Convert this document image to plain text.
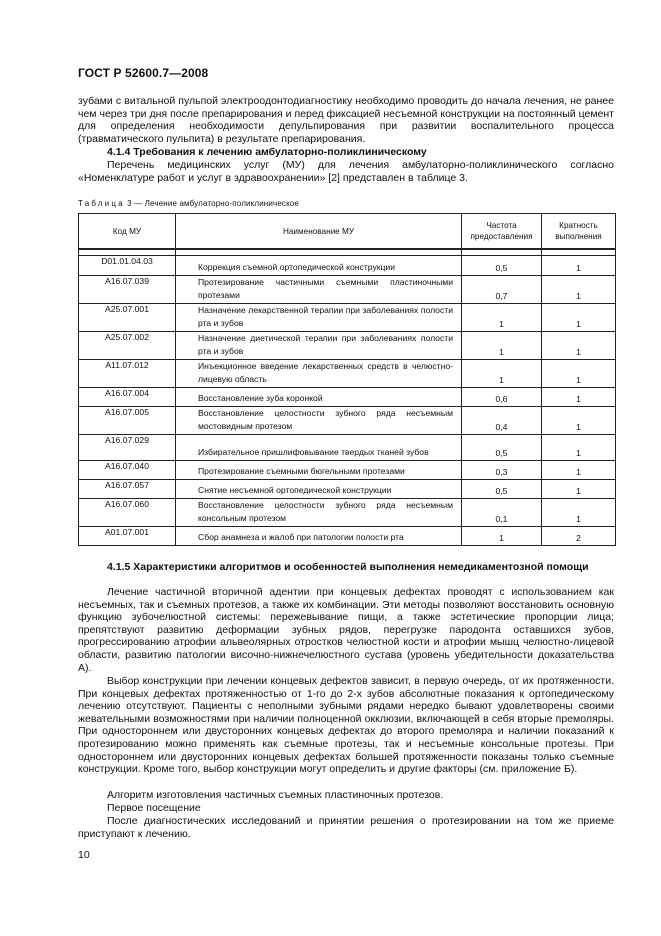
ГОСТ Р 52600.7—2008

зубами с витальной пульпой электроодонтодиагностику необходимо проводить до начала лечения, не ранее чем через три дня после препарирования и перед фиксацией несъемной конструкции на постоянный цемент для определения необходимости депульпирования при развитии воспалительного процесса (травматического пульпита) в результате препарирования.

4.1.4 Требования к лечению амбулаторно-поликлиническому

Перечень медицинских услуг (МУ) для лечения амбулаторно-поликлинического согласно «Номенклатуре работ и услуг в здравоохранении» [2] представлен в таблице 3.

Таблица 3 — Лечение амбулаторно-поликлиническое
Код МУ	Наименование МУ	Частота предоставления	Кратность выполнения

D01.01.04.03	Коррекция съемной ортопедической конструкции	0,5	1
A16.07.039	Протезирование частичными съемными пластиночными протезами	0,7	1
A25.07.001	Назначение лекарственной терапии при заболеваниях полости рта и зубов	1	1
A25.07.002	Назначение диетической терапии при заболеваниях полости рта и зубов	1	1
A11.07.012	Инъекционное введение лекарственных средств в челюстно-лицевую область	1	1
A16.07.004	Восстановление зуба коронкой	0,6	1
A16.07.005	Восстановление целостности зубного ряда несъемным мостовидным протезом	0,4	1
A16.07.029	Избирательное пришлифовывание твердых тканей зубов	0,5	1
A16.07.040	Протезирование съемными бюгельными протезами	0,3	1
A16.07.057	Снятие несъемной ортопедической конструкции	0,5	1
A16.07.060	Восстановление целостности зубного ряда несъемным консольным протезом	0,1	1
A01.07.001	Сбор анамнеза и жалоб при патологии полости рта	1	2

4.1.5 Характеристики алгоритмов и особенностей выполнения немедикаментозной помощи

Лечение частичной вторичной адентии при концевых дефектах проводят с использованием как несъемных, так и съемных протезов, а также их комбинации. Эти методы позволяют восстановить основную функцию зубочелюстной системы: пережевывание пищи, а также эстетические пропорции лица; препятствуют развитию деформации зубных рядов, перегрузке пародонта оставшихся зубов, прогрессированию атрофии альвеолярных отростков челюстной кости и атрофии мышц челюстно-лицевой области, развитию патологии височно-нижнечелюстного сустава (уровень убедительности доказательства А).

Выбор конструкции при лечении концевых дефектов зависит, в первую очередь, от их протяженности. При концевых дефектах протяженностью от 1-го до 2-х зубов абсолютные показания к ортопедическому лечению отсутствуют. Пациенты с неполными зубными рядами нередко бывают удовлетворены своими жевательными возможностями при наличии полноценной окклюзии, включающей в себя вторые премоляры. При одностороннем или двусторонних концевых дефектах до второго премоляра и наличии показаний к протезированию можно применять как съемные протезы, так и несъемные консольные протезы. При одностороннем или двусторонних концевых дефектах большей протяженности показаны только съемные конструкции. Кроме того, выбор конструкции могут определить и другие факторы (см. приложение Б).

Алгоритм изготовления частичных съемных пластиночных протезов.

Первое посещение

После диагностических исследований и принятии решения о протезировании на том же приеме приступают к лечению.

10
